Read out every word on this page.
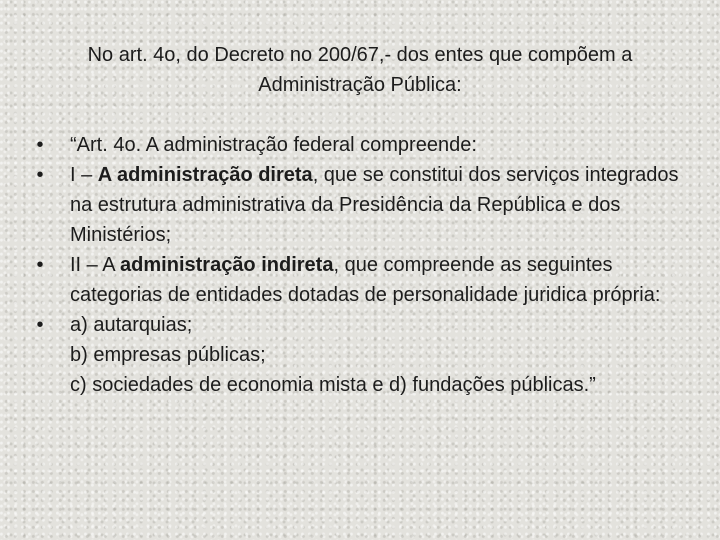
No art. 4o, do Decreto no 200/67,- dos entes que compõem a
Administração Pública:
•	“Art. 4o. A administração federal compreende:
•	I – A administração direta, que se constitui dos serviços integrados na estrutura administrativa da Presidência da República e dos Ministérios;
•	II – A administração indireta, que compreende as seguintes categorias de entidades dotadas de personalidade juridica própria:
•	a) autarquias;
b) empresas públicas;
c) sociedades de economia mista e d) fundações públicas.”
